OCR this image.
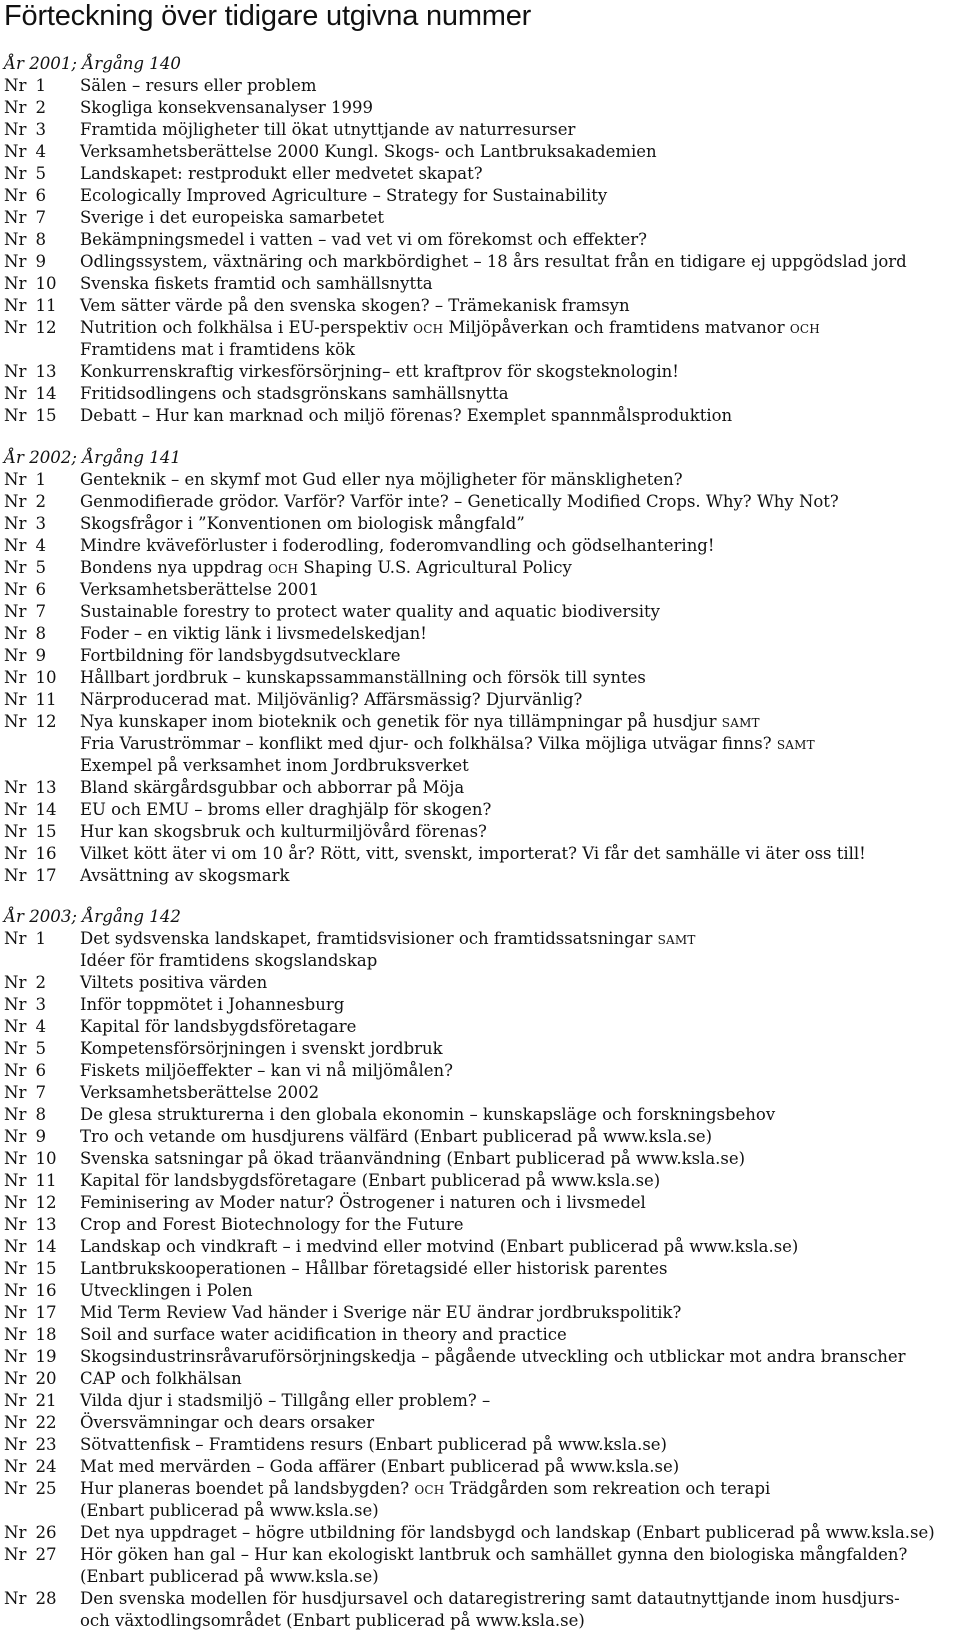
Förteckning över tidigare utgivna nummer
År 2001; Årgång 140
Nr 1	Sälen – resurs eller problem
Nr 2	Skogliga konsekvensanalyser 1999
Nr 3	Framtida möjligheter till ökat utnyttjande av naturresurser
Nr 4	Verksamhetsberättelse 2000 Kungl. Skogs- och Lantbruksakademien
Nr 5	Landskapet: restprodukt eller medvetet skapat?
Nr 6	Ecologically Improved Agriculture – Strategy for Sustainability
Nr 7	Sverige i det europeiska samarbetet
Nr 8	Bekämpningsmedel i vatten – vad vet vi om förekomst och effekter?
Nr 9	Odlingssystem, växtnäring och markbördighet – 18 års resultat från en tidigare ej uppgödslad jord
Nr 10	Svenska fiskets framtid och samhällsnytta
Nr 11	Vem sätter värde på den svenska skogen? – Trämekanisk framsyn
Nr 12	Nutrition och folkhälsa i EU-perspektiv OCH Miljöpåverkan och framtidens matvanor OCH
Framtidens mat i framtidens kök
Nr 13	Konkurrenskraftig virkesförsörjning– ett kraftprov för skogsteknologin!
Nr 14	Fritidsodlingens och stadsgrönskans samhällsnytta
Nr 15	Debatt – Hur kan marknad och miljö förenas? Exemplet spannmålsproduktion
År 2002; Årgång 141
Nr 1	Genteknik – en skymf mot Gud eller nya möjligheter för mänskligheten?
Nr 2	Genmodifierade grödor. Varför? Varför inte? – Genetically Modified Crops. Why? Why Not?
Nr 3	Skogsfrågor i ”Konventionen om biologisk mångfald”
Nr 4	Mindre kväveförluster i foderodling, foderomvandling och gödselhantering!
Nr 5	Bondens nya uppdrag OCH Shaping U.S. Agricultural Policy
Nr 6	Verksamhetsberättelse 2001
Nr 7	Sustainable forestry to protect water quality and aquatic biodiversity
Nr 8	Foder – en viktig länk i livsmedelskedjan!
Nr 9	Fortbildning för landsbygdsutvecklare
Nr 10	Hållbart jordbruk – kunskapssammanställning och försök till syntes
Nr 11	Närproducerad mat. Miljövänlig? Affärsmässig? Djurvänlig?
Nr 12	Nya kunskaper inom bioteknik och genetik för nya tillämpningar på husdjur SAMT
Fria Varuströmmar – konflikt med djur- och folkhälsa? Vilka möjliga utvägar finns? SAMT
Exempel på verksamhet inom Jordbruksverket
Nr 13	Bland skärgårdsgubbar och abborrar på Möja
Nr 14	EU och EMU – broms eller draghjälp för skogen?
Nr 15	Hur kan skogsbruk och kulturmiljövård förenas?
Nr 16	Vilket kött äter vi om 10 år? Rött, vitt, svenskt, importerat? Vi får det samhälle vi äter oss till!
Nr 17	Avsättning av skogsmark
År 2003; Årgång 142
Nr 1	Det sydsvenska landskapet, framtidsvisioner och framtidssatsningar SAMT
Idéer för framtidens skogslandskap
Nr 2	Viltets positiva värden
Nr 3	Inför toppmötet i Johannesburg
Nr 4	Kapital för landsbygdsföretagare
Nr 5	Kompetensförsörjningen i svenskt jordbruk
Nr 6	Fiskets miljöeffekter – kan vi nå miljömålen?
Nr 7	Verksamhetsberättelse 2002
Nr 8	De glesa strukturerna i den globala ekonomin – kunskapsläge och forskningsbehov
Nr 9	Tro och vetande om husdjurens välfärd (Enbart publicerad på www.ksla.se)
Nr 10	Svenska satsningar på ökad träanvändning (Enbart publicerad på www.ksla.se)
Nr 11	Kapital för landsbygdsföretagare (Enbart publicerad på www.ksla.se)
Nr 12	Feminisering av Moder natur? Östrogener i naturen och i livsmedel
Nr 13	Crop and Forest Biotechnology for the Future
Nr 14	Landskap och vindkraft – i medvind eller motvind (Enbart publicerad på www.ksla.se)
Nr 15	Lantbrukskooperationen – Hållbar företagsidé eller historisk parentes
Nr 16	Utvecklingen i Polen
Nr 17	Mid Term Review Vad händer i Sverige när EU ändrar jordbrukspolitik?
Nr 18	Soil and surface water acidification in theory and practice
Nr 19	Skogsindustrinsråvaruförsörjningskedja – pågående utveckling och utblickar mot andra branscher
Nr 20	CAP och folkhälsan
Nr 21	Vilda djur i stadsmiljö – Tillgång eller problem? –
Nr 22	Översvämningar och dears orsaker
Nr 23	Sötvattenfisk – Framtidens resurs (Enbart publicerad på www.ksla.se)
Nr 24	Mat med mervärden – Goda affärer (Enbart publicerad på www.ksla.se)
Nr 25	Hur planeras boendet på landsbygden? OCH Trädgården som rekreation och terapi
(Enbart publicerad på www.ksla.se)
Nr 26	Det nya uppdraget – högre utbildning för landsbygd och landskap (Enbart publicerad på www.ksla.se)
Nr 27	Hör göken han gal – Hur kan ekologiskt lantbruk och samhället gynna den biologiska mångfalden?
(Enbart publicerad på www.ksla.se)
Nr 28	Den svenska modellen för husdjursavel och dataregistrering samt datautnyttjande inom husdjurs-
och växtodlingsområdet (Enbart publicerad på www.ksla.se)
